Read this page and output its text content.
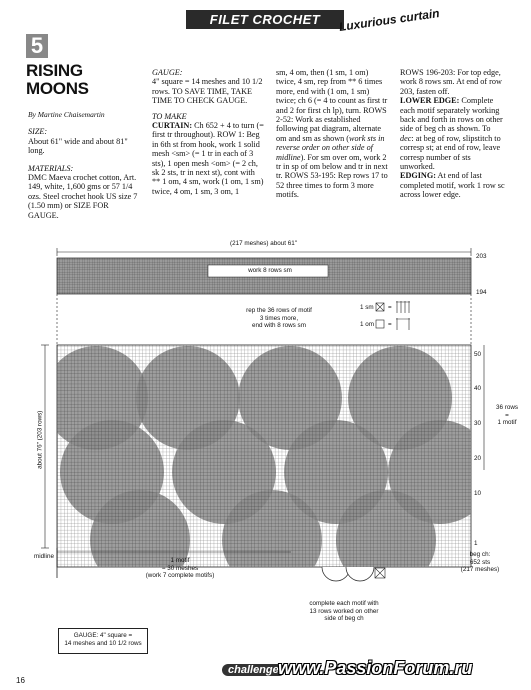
FILET CROCHET	Luxurious curtain
5
RISING
MOONS

By Martine Chaisemartin

SIZE:

About 61" wide and about 81" long.

MATERIALS:

DMC Maeva crochet cotton, Art. 149, white, 1,600 gms or 57 1/4 ozs. Steel crochet hook US size 7 (1.50 mm) or SIZE FOR GAUGE.

GAUGE:

4" square = 14 meshes and 10 1/2 rows. TO SAVE TIME, TAKE TIME TO CHECK GAUGE.

TO MAKE

CURTAIN: Ch 652 + 4 to turn (= first tr throughout). ROW 1: Beg in 6th st from hook, work 1 solid mesh <sm> (= 1 tr in each of 3 sts), 1 open mesh <om> (= 2 ch, sk 2 sts, tr in next st), cont with ** 1 om, 4 sm, work (1 om, 1 sm) twice, 4 om, 1 sm, 3 om, 1

sm, 4 om, then (1 sm, 1 om) twice, 4 sm, rep from ** 6 times more, end with (1 om, 1 sm) twice; ch 6 (= 4 to count as first tr and 2 for first ch lp), turn. ROWS 2-52: Work as established following pat diagram, alternate om and sm as shown (work sts in reverse order on other side of midline). For sm over om, work 2 tr in sp of om below and tr in next tr. ROWS 53-195: Rep rows 17 to 52 three times to form 3 more motifs.

ROWS 196-203: For top edge, work 8 rows sm. At end of row 203, fasten off.

LOWER EDGE: Complete each motif separately working back and forth in rows on other side of beg ch as shown. To dec: at beg of row, slipstitch to corresp st; at end of row, leave corresp number of sts unworked.

EDGING: At end of last completed motif, work 1 row sc across lower edge.

(217 meshes) about 61"
203
194
work 8 rows sm
rep the 36 rows of motif
3 times more,
end with 8 rows sm
1 sm =
1 om =
50
40
30
20
10
1
36 rows
=
1 motif
about 76" (203 rows)
midline
1 motif
= 30 meshes
(work 7 complete motifs)
beg ch:
652 sts
(217 meshes)
complete each motif with
13 rows worked on other
side of beg ch
GAUGE: 4" square =
14 meshes and 10 1/2 rows
16
challenge www.PassionForum.ru
